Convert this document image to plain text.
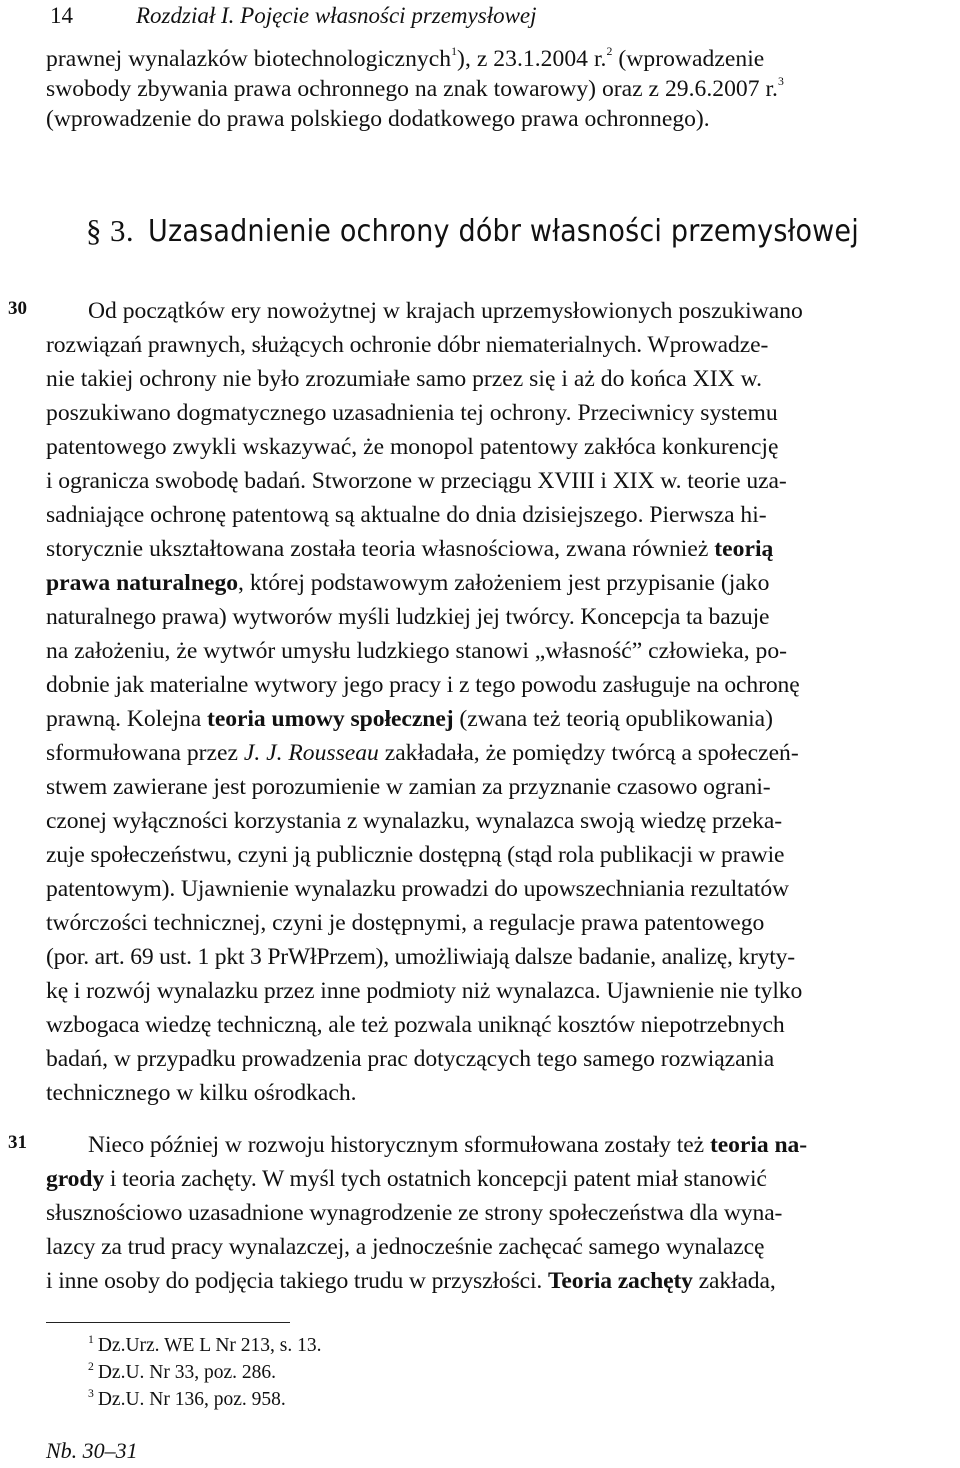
14	Rozdział I. Pojęcie własności przemysłowej
prawnej wynalazków biotechnologicznych$^1$), z 23.1.2004 r.$^2$ (wprowadzenie
swobody zbywania prawa ochronnego na znak towarowy) oraz z 29.6.2007 r.$^3$
(wprowadzenie do prawa polskiego dodatkowego prawa ochronnego).
§ 3. Uzasadnienie ochrony dóbr własności przemysłowej
30
31
Od początków ery nowożytnej w krajach uprzemysłowionych poszukiwano
rozwiązań prawnych, służących ochronie dóbr niematerialnych. Wprowadze-
nie takiej ochrony nie było zrozumiałe samo przez się i aż do końca XIX w.
poszukiwano dogmatycznego uzasadnienia tej ochrony. Przeciwnicy systemu
patentowego zwykli wskazywać, że monopol patentowy zakłóca konkurencję
i ogranicza swobodę badań. Stworzone w przeciągu XVIII i XIX w. teorie uza-
sadniające ochronę patentową są aktualne do dnia dzisiejszego. Pierwsza hi-
storycznie ukształtowana została teoria własnościowa, zwana również teorią
prawa naturalnego, której podstawowym założeniem jest przypisanie (jako
naturalnego prawa) wytworów myśli ludzkiej jej twórcy. Koncepcja ta bazuje
na założeniu, że wytwór umysłu ludzkiego stanowi „własność” człowieka, po-
dobnie jak materialne wytwory jego pracy i z tego powodu zasługuje na ochronę
prawną. Kolejna teoria umowy społecznej (zwana też teorią opublikowania)
sformułowana przez J. J. Rousseau zakładała, że pomiędzy twórcą a społeczeń-
stwem zawierane jest porozumienie w zamian za przyznanie czasowo ograni-
czonej wyłączności korzystania z wynalazku, wynalazca swoją wiedzę przeka-
zuje społeczeństwu, czyni ją publicznie dostępną (stąd rola publikacji w prawie
patentowym). Ujawnienie wynalazku prowadzi do upowszechniania rezultatów
twórczości technicznej, czyni je dostępnymi, a regulacje prawa patentowego
(por. art. 69 ust. 1 pkt 3 PrWłPrzem), umożliwiają dalsze badanie, analizę, kryty-
kę i rozwój wynalazku przez inne podmioty niż wynalazca. Ujawnienie nie tylko
wzbogaca wiedzę techniczną, ale też pozwala uniknąć kosztów niepotrzebnych
badań, w przypadku prowadzenia prac dotyczących tego samego rozwiązania
technicznego w kilku ośrodkach.
Nieco później w rozwoju historycznym sformułowana zostały też teoria na-
grody i teoria zachęty. W myśl tych ostatnich koncepcji patent miał stanowić
słusznościowo uzasadnione wynagrodzenie ze strony społeczeństwa dla wyna-
lazcy za trud pracy wynalazczej, a jednocześnie zachęcać samego wynalazcę
i inne osoby do podjęcia takiego trudu w przyszłości. Teoria zachęty zakłada,
$^1$ Dz.Urz. WE L Nr 213, s. 13.
$^2$ Dz.U. Nr 33, poz. 286.
$^3$ Dz.U. Nr 136, poz. 958.
Nb. 30–31
